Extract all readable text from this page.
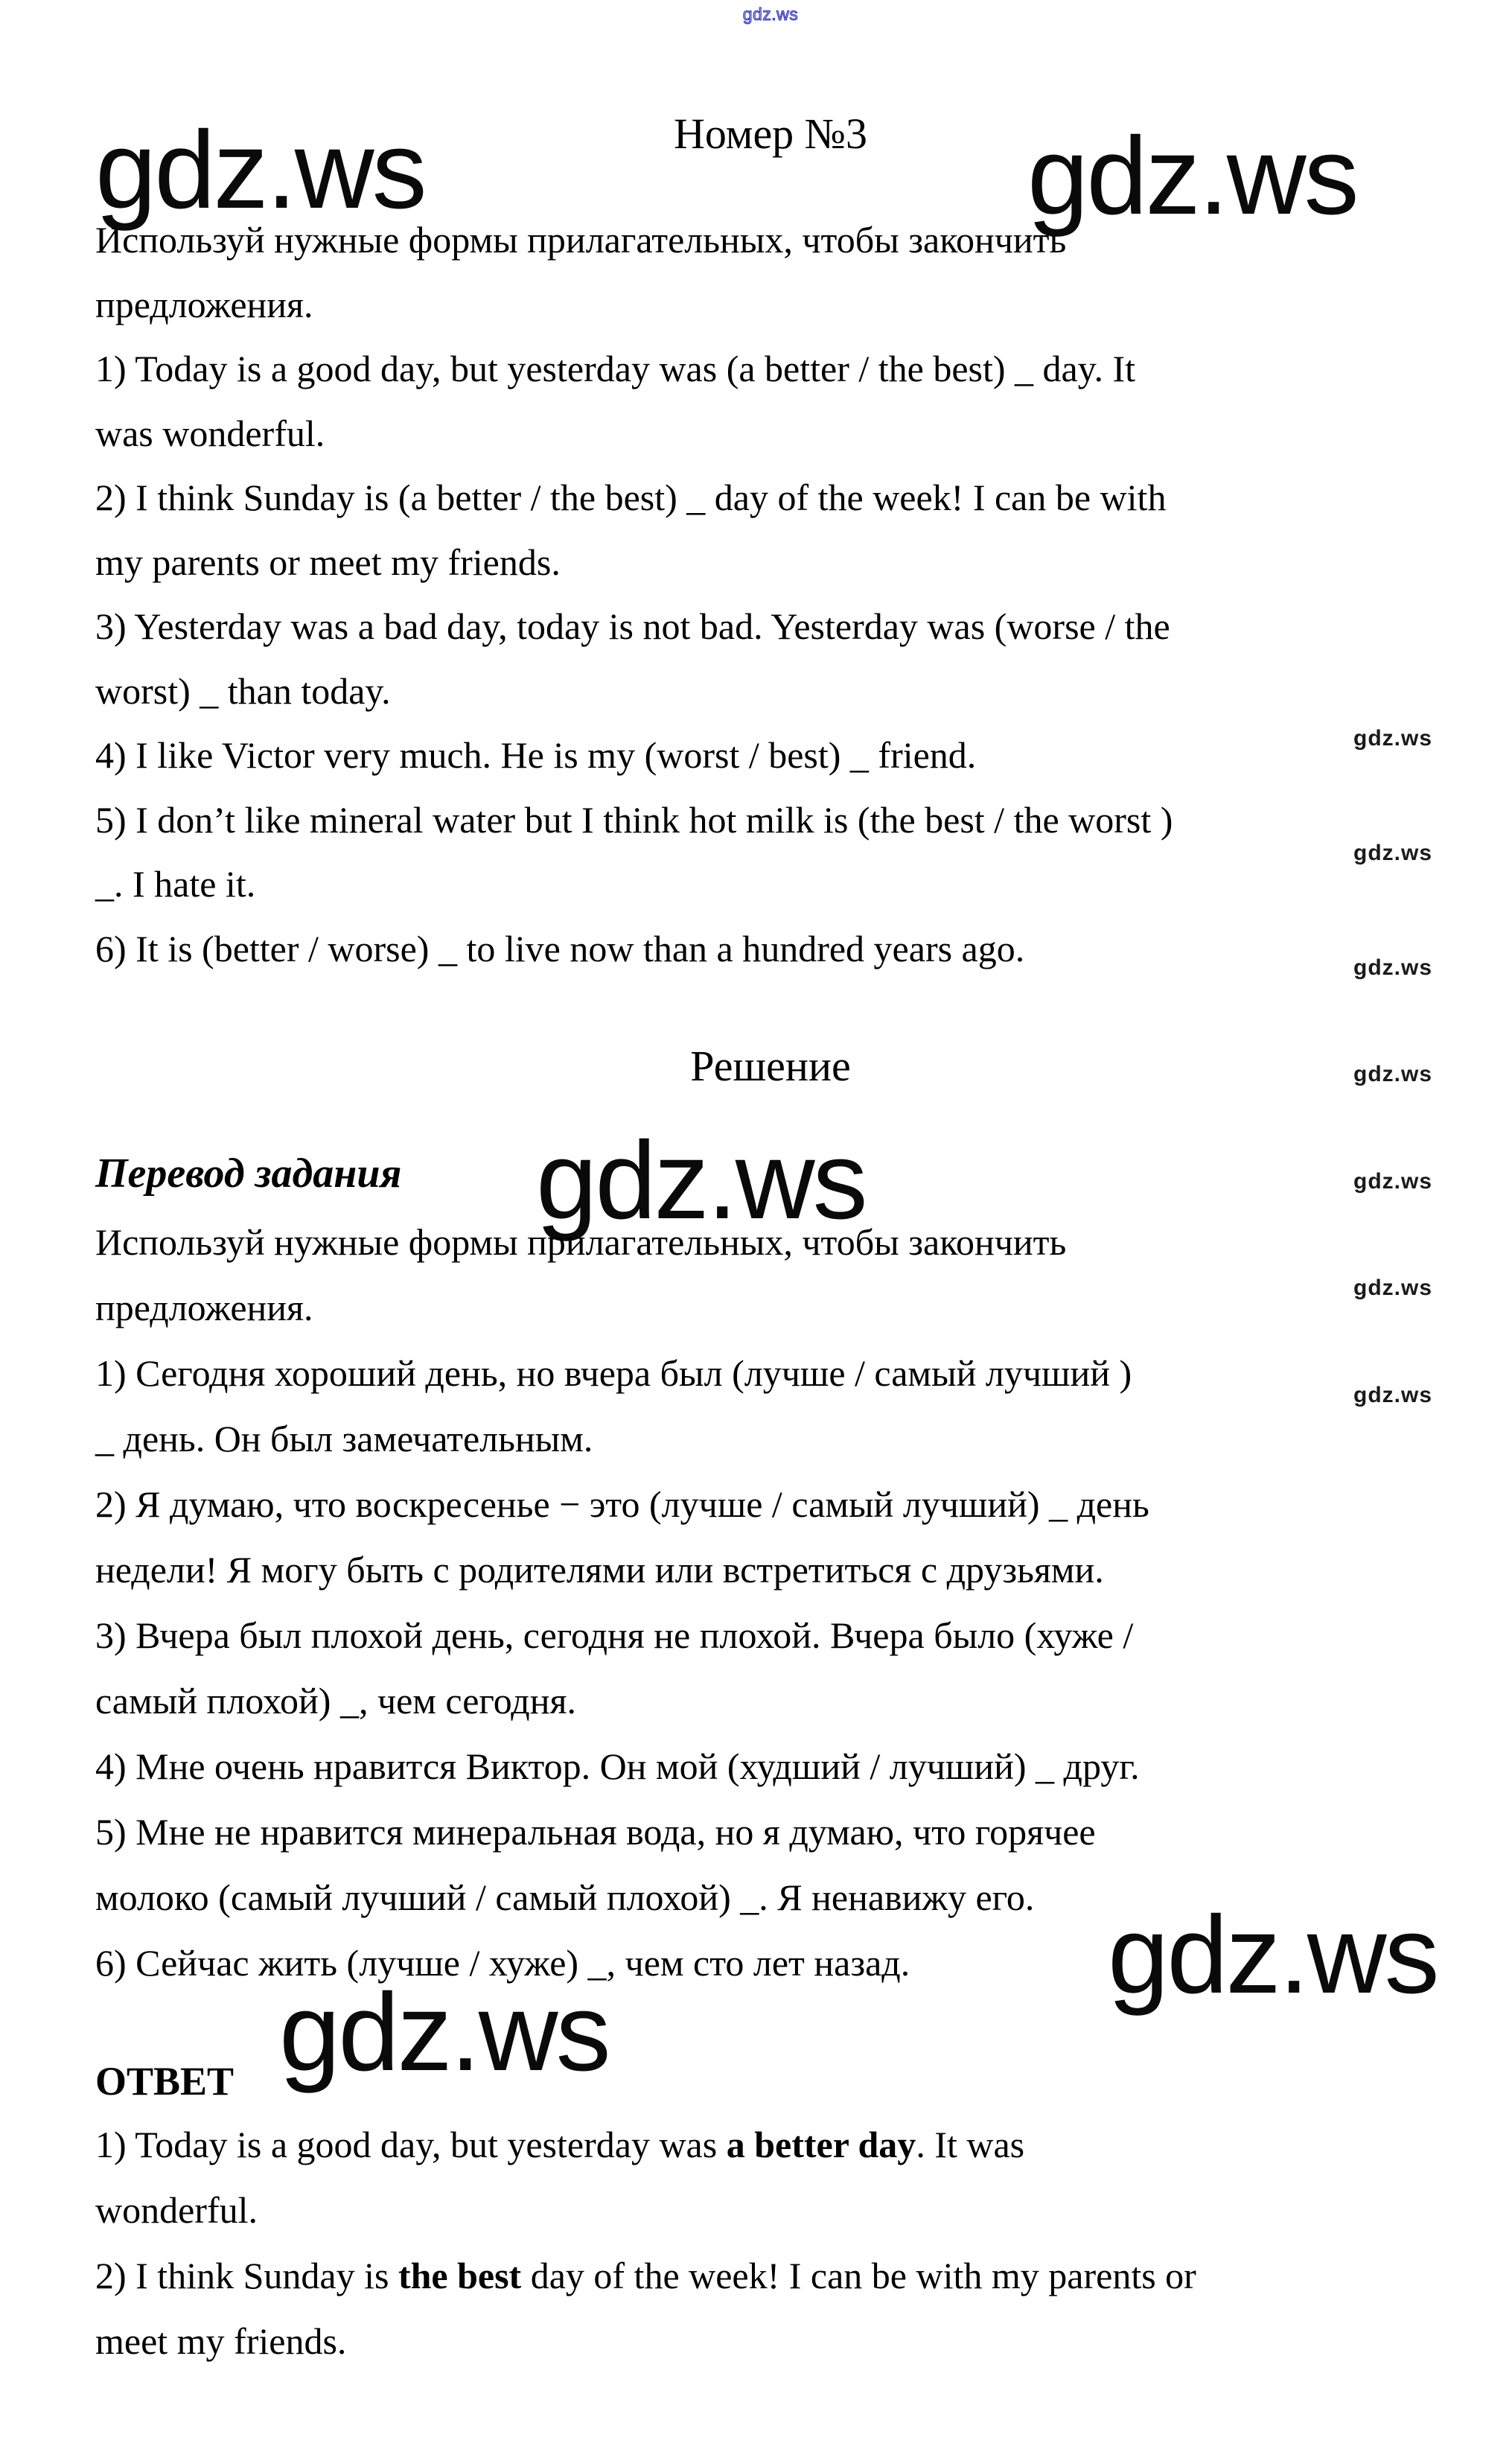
gdz.ws
gdz.ws	gdz.ws
gdz.ws
gdz.ws
gdz.ws
gdz.ws
gdz.ws
gdz.ws
gdz.ws
gdz.ws
gdz.ws
gdz.ws
Номер №3
Используй нужные формы прилагательных, чтобы закончить
предложения.
1) Today is a good day, but yesterday was (a better / the best) _ day. It
was wonderful.
2) I think Sunday is (a better / the best) _ day of the week! I can be with
my parents or meet my friends.
3) Yesterday was a bad day, today is not bad. Yesterday was (worse / the
worst) _ than today.
4) I like Victor very much. He is my (worst / best) _ friend.
5) I don’t like mineral water but I think hot milk is (the best / the worst )
_. I hate it.
6) It is (better / worse) _ to live now than a hundred years ago.
Решение
Перевод задания
Используй нужные формы прилагательных, чтобы закончить
предложения.
1) Сегодня хороший день, но вчера был (лучше / самый лучший )
_ день. Он был замечательным.
2) Я думаю, что воскресенье − это (лучше / самый лучший) _ день
недели! Я могу быть с родителями или встретиться с друзьями.
3) Вчера был плохой день, сегодня не плохой. Вчера было (хуже /
самый плохой) _, чем сегодня.
4) Мне очень нравится Виктор. Он мой (худший / лучший) _ друг.
5) Мне не нравится минеральная вода, но я думаю, что горячее
молоко (самый лучший / самый плохой) _. Я ненавижу его.
6) Сейчас жить (лучше / хуже) _, чем сто лет назад.
ОТВЕТ
1) Today is a good day, but yesterday was a better day. It was
wonderful.
2) I think Sunday is the best day of the week! I can be with my parents or
meet my friends.
